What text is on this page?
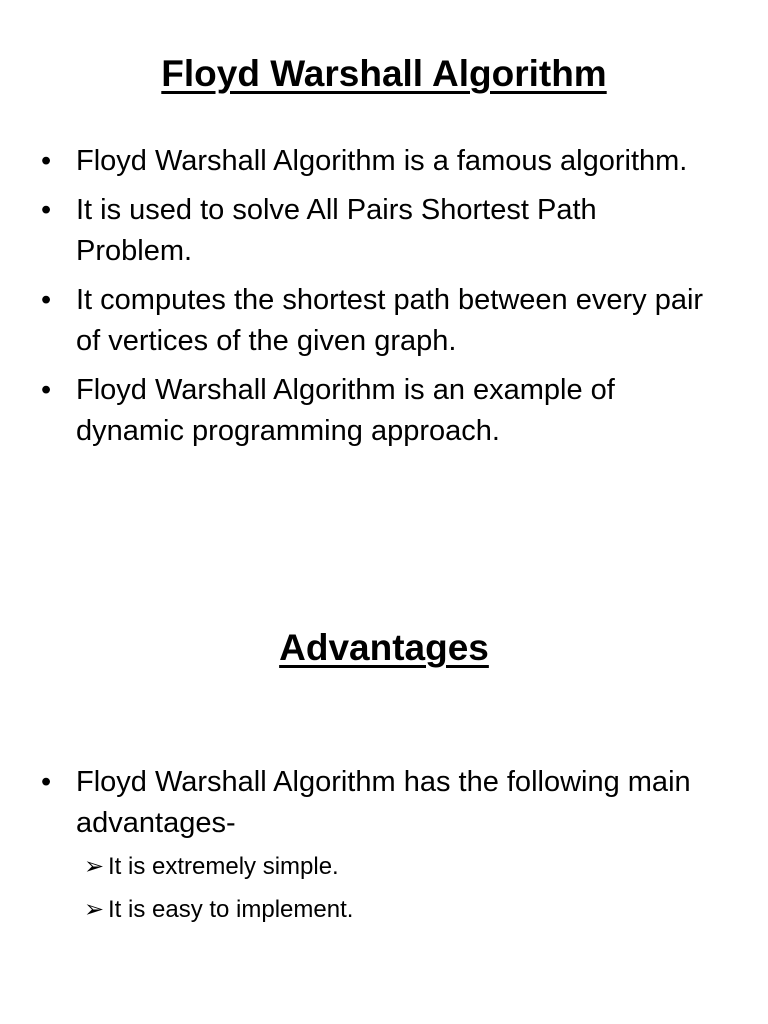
Floyd Warshall Algorithm
• Floyd Warshall Algorithm is a famous algorithm.
• It is used to solve All Pairs Shortest Path Problem.
• It computes the shortest path between every pair of vertices of the given graph.
• Floyd Warshall Algorithm is an example of dynamic programming approach.
Advantages
• Floyd Warshall Algorithm has the following main advantages-
➢ It is extremely simple.
➢ It is easy to implement.
